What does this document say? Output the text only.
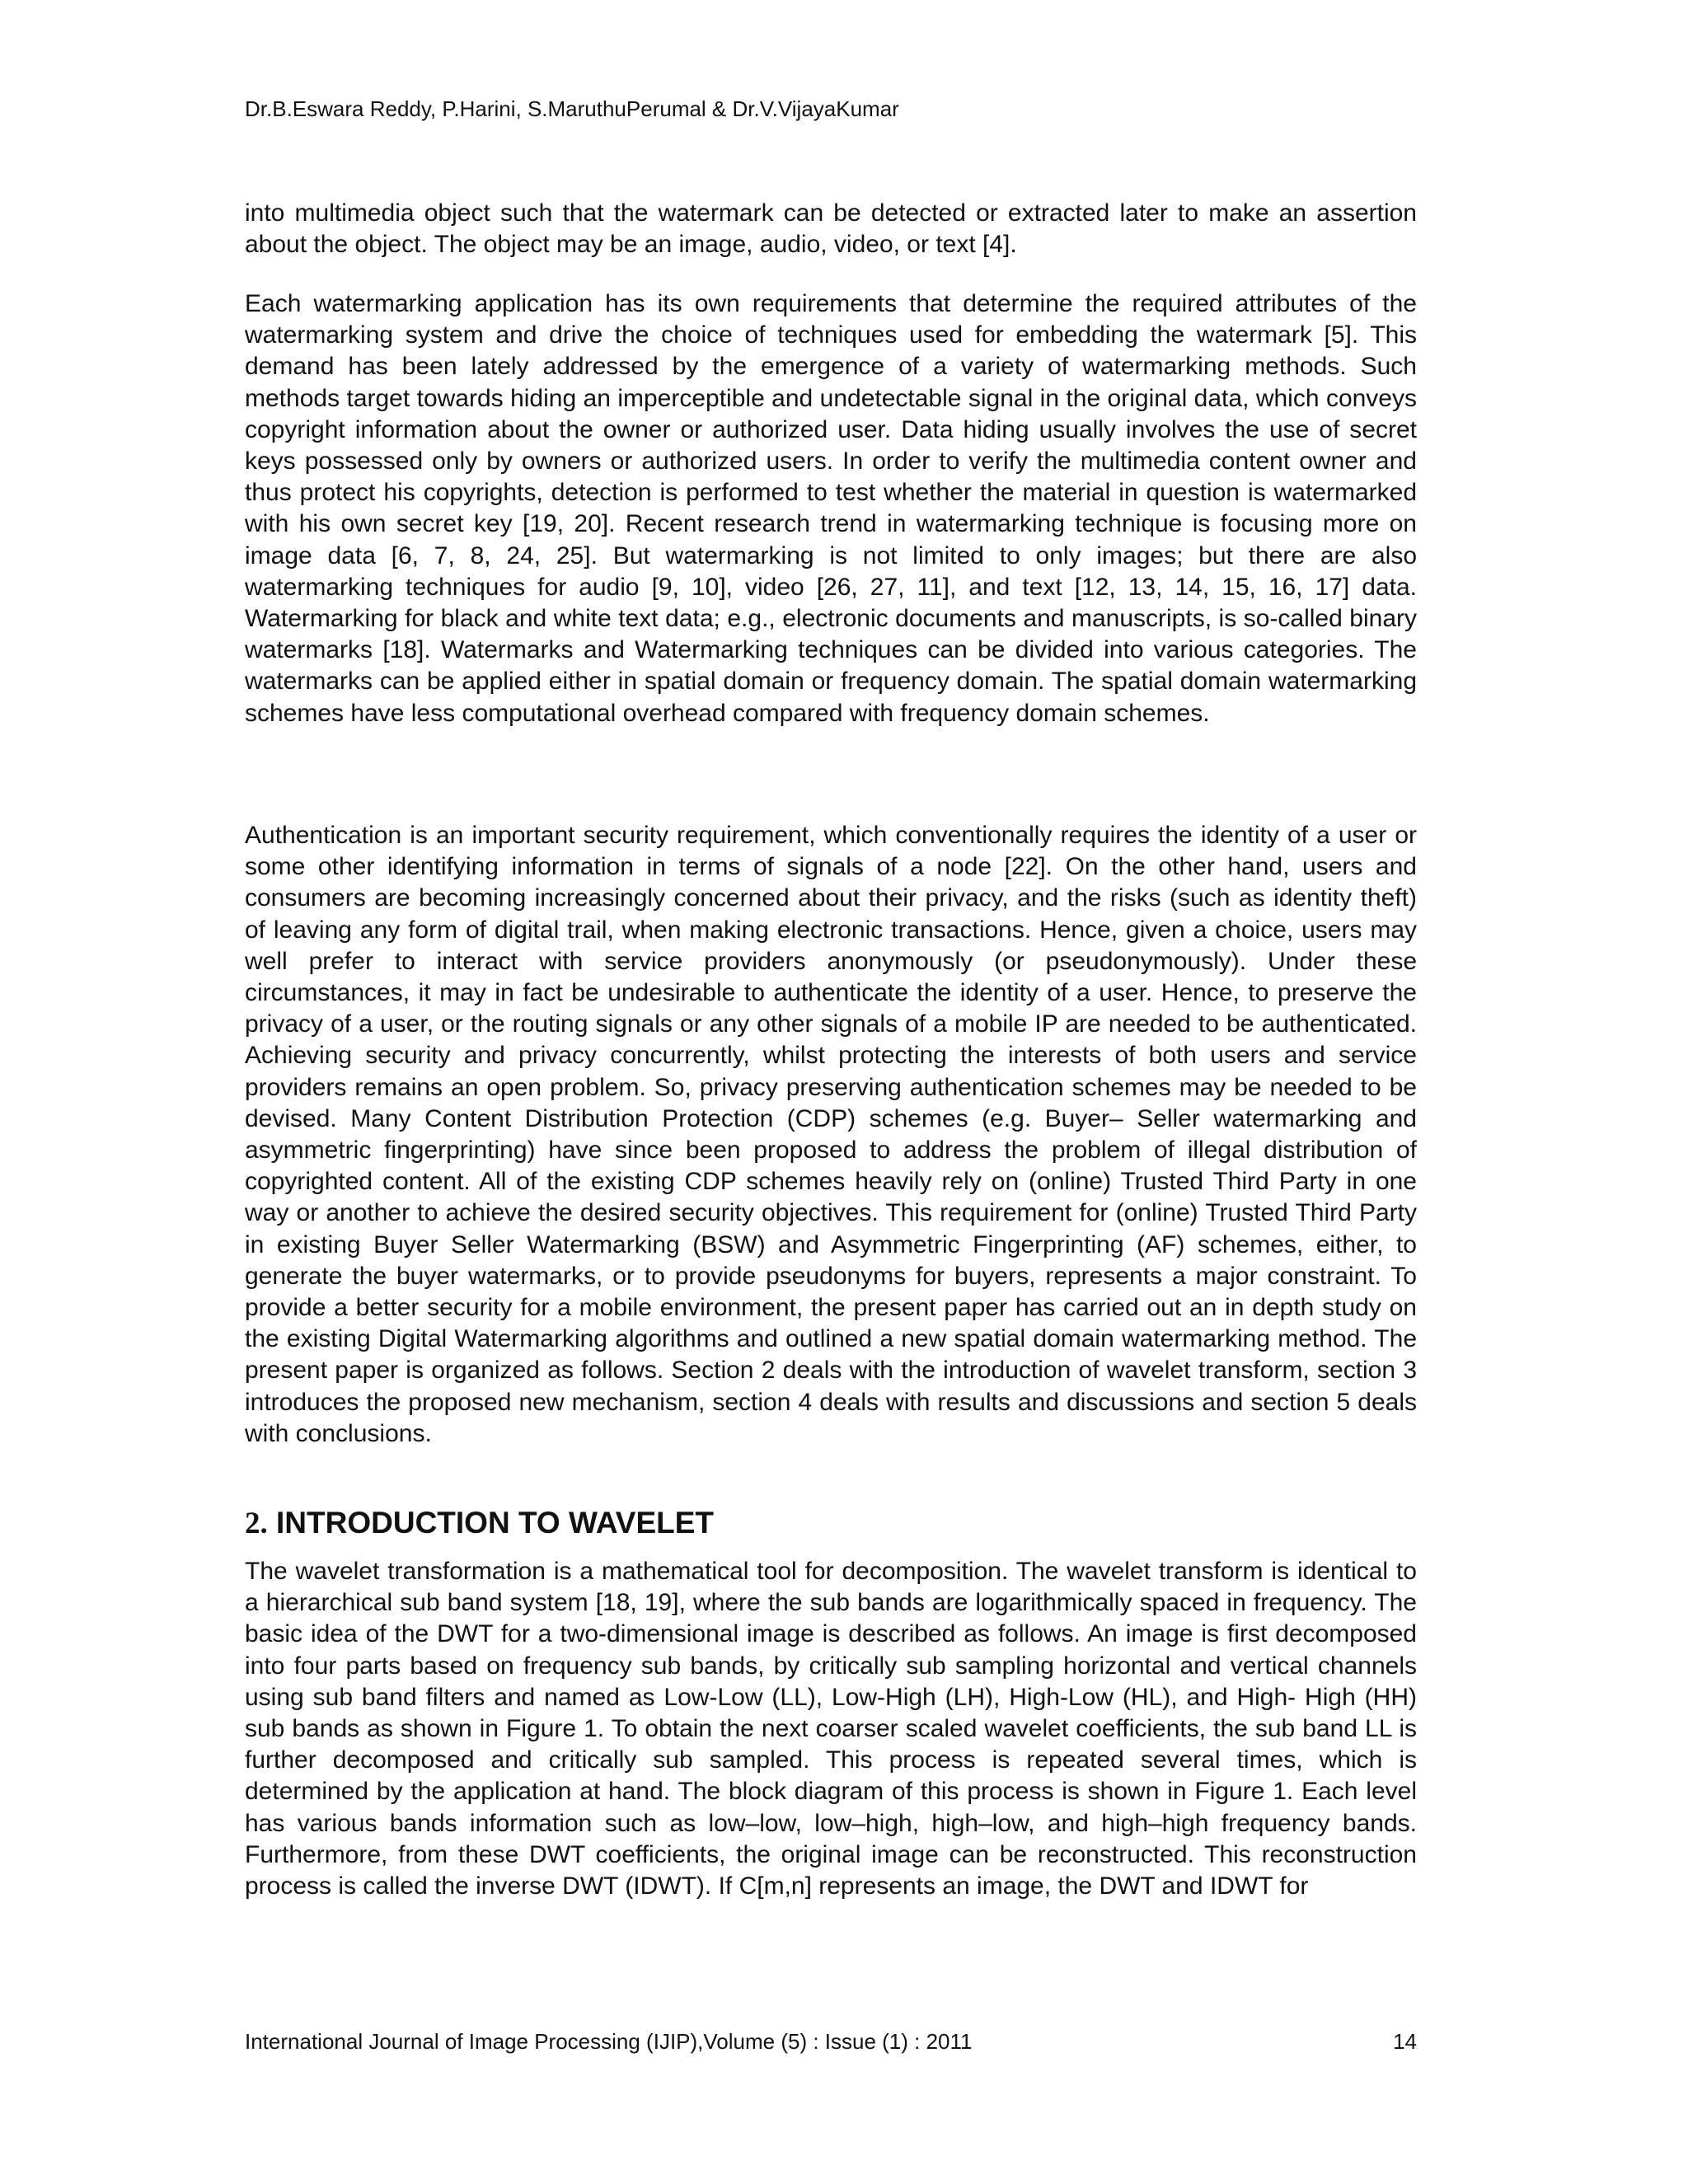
Dr.B.Eswara Reddy, P.Harini, S.MaruthuPerumal & Dr.V.VijayaKumar

into multimedia object such that the watermark can be detected or extracted later to make an assertion about the object. The object may be an image, audio, video, or text [4].

Each watermarking application has its own requirements that determine the required attributes of the watermarking system and drive the choice of techniques used for embedding the watermark [5]. This demand has been lately addressed by the emergence of a variety of watermarking methods. Such methods target towards hiding an imperceptible and undetectable signal in the original data, which conveys copyright information about the owner or authorized user. Data hiding usually involves the use of secret keys possessed only by owners or authorized users. In order to verify the multimedia content owner and thus protect his copyrights, detection is performed to test whether the material in question is watermarked with his own secret key [19, 20]. Recent research trend in watermarking technique is focusing more on image data [6, 7, 8, 24, 25]. But watermarking is not limited to only images; but there are also watermarking techniques for audio [9, 10], video [26, 27, 11], and text [12, 13, 14, 15, 16, 17] data. Watermarking for black and white text data; e.g., electronic documents and manuscripts, is so-called binary watermarks [18]. Watermarks and Watermarking techniques can be divided into various categories. The watermarks can be applied either in spatial domain or frequency domain. The spatial domain watermarking schemes have less computational overhead compared with frequency domain schemes.

Authentication is an important security requirement, which conventionally requires the identity of a user or some other identifying information in terms of signals of a node [22]. On the other hand, users and consumers are becoming increasingly concerned about their privacy, and the risks (such as identity theft) of leaving any form of digital trail, when making electronic transactions. Hence, given a choice, users may well prefer to interact with service providers anonymously (or pseudonymously). Under these circumstances, it may in fact be undesirable to authenticate the identity of a user. Hence, to preserve the privacy of a user, or the routing signals or any other signals of a mobile IP are needed to be authenticated. Achieving security and privacy concurrently, whilst protecting the interests of both users and service providers remains an open problem. So, privacy preserving authentication schemes may be needed to be devised. Many Content Distribution Protection (CDP) schemes (e.g. Buyer– Seller watermarking and asymmetric fingerprinting) have since been proposed to address the problem of illegal distribution of copyrighted content. All of the existing CDP schemes heavily rely on (online) Trusted Third Party in one way or another to achieve the desired security objectives. This requirement for (online) Trusted Third Party in existing Buyer Seller Watermarking (BSW) and Asymmetric Fingerprinting (AF) schemes, either, to generate the buyer watermarks, or to provide pseudonyms for buyers, represents a major constraint. To provide a better security for a mobile environment, the present paper has carried out an in depth study on the existing Digital Watermarking algorithms and outlined a new spatial domain watermarking method. The present paper is organized as follows. Section 2 deals with the introduction of wavelet transform, section 3 introduces the proposed new mechanism, section 4 deals with results and discussions and section 5 deals with conclusions.

2. INTRODUCTION TO WAVELET

The wavelet transformation is a mathematical tool for decomposition. The wavelet transform is identical to a hierarchical sub band system [18, 19], where the sub bands are logarithmically spaced in frequency. The basic idea of the DWT for a two-dimensional image is described as follows. An image is first decomposed into four parts based on frequency sub bands, by critically sub sampling horizontal and vertical channels using sub band filters and named as Low-Low (LL), Low-High (LH), High-Low (HL), and High- High (HH) sub bands as shown in Figure 1. To obtain the next coarser scaled wavelet coefficients, the sub band LL is further decomposed and critically sub sampled. This process is repeated several times, which is determined by the application at hand. The block diagram of this process is shown in Figure 1. Each level has various bands information such as low–low, low–high, high–low, and high–high frequency bands. Furthermore, from these DWT coefficients, the original image can be reconstructed. This reconstruction process is called the inverse DWT (IDWT). If C[m,n] represents an image, the DWT and IDWT for

International Journal of Image Processing (IJIP),Volume (5) : Issue (1) : 2011	14
